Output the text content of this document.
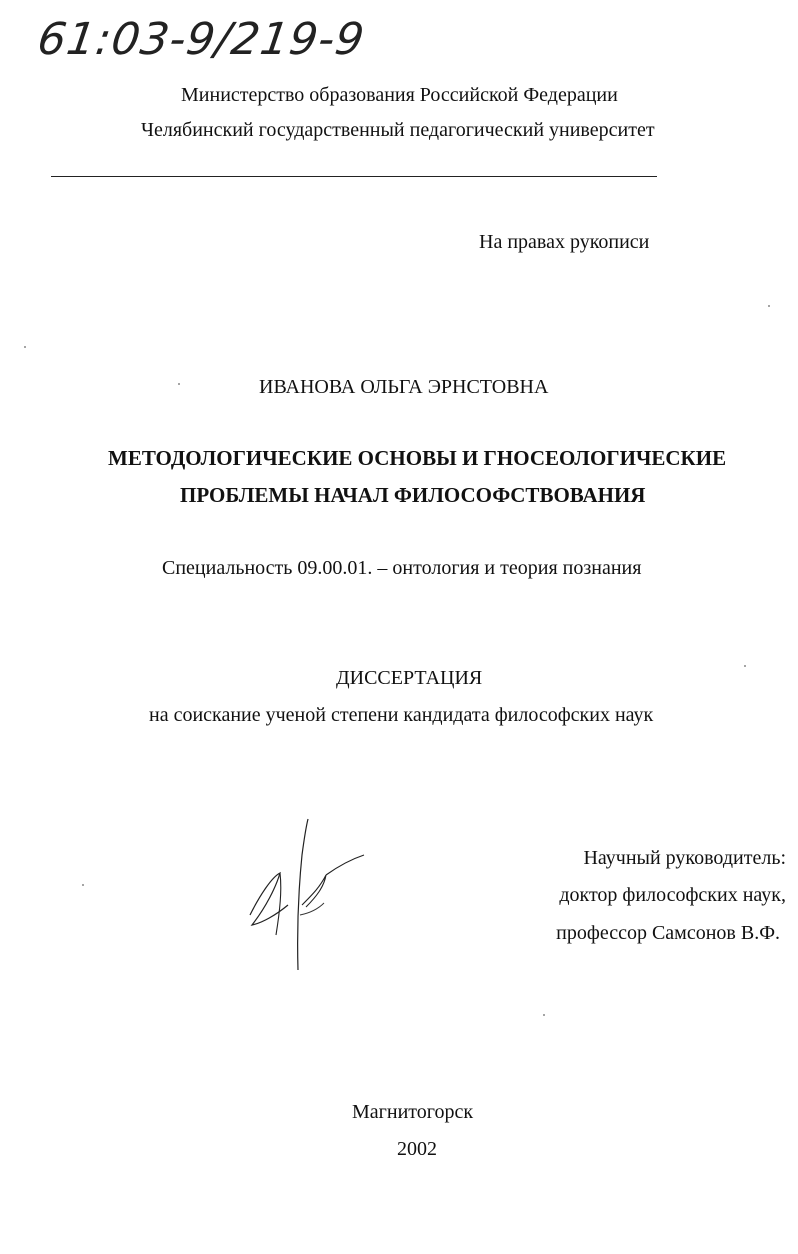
61:03-9/219-9
Министерство образования Российской Федерации
Челябинский государственный педагогический университет
На правах рукописи
ИВАНОВА ОЛЬГА ЭРНСТОВНА
МЕТОДОЛОГИЧЕСКИЕ ОСНОВЫ И ГНОСЕОЛОГИЧЕСКИЕ
ПРОБЛЕМЫ НАЧАЛ ФИЛОСОФСТВОВАНИЯ
Специальность 09.00.01. – онтология и теория познания
ДИССЕРТАЦИЯ
на соискание ученой степени кандидата философских наук
Научный руководитель:
доктор философских наук,
профессор Самсонов В.Ф.
Магнитогорск
2002
